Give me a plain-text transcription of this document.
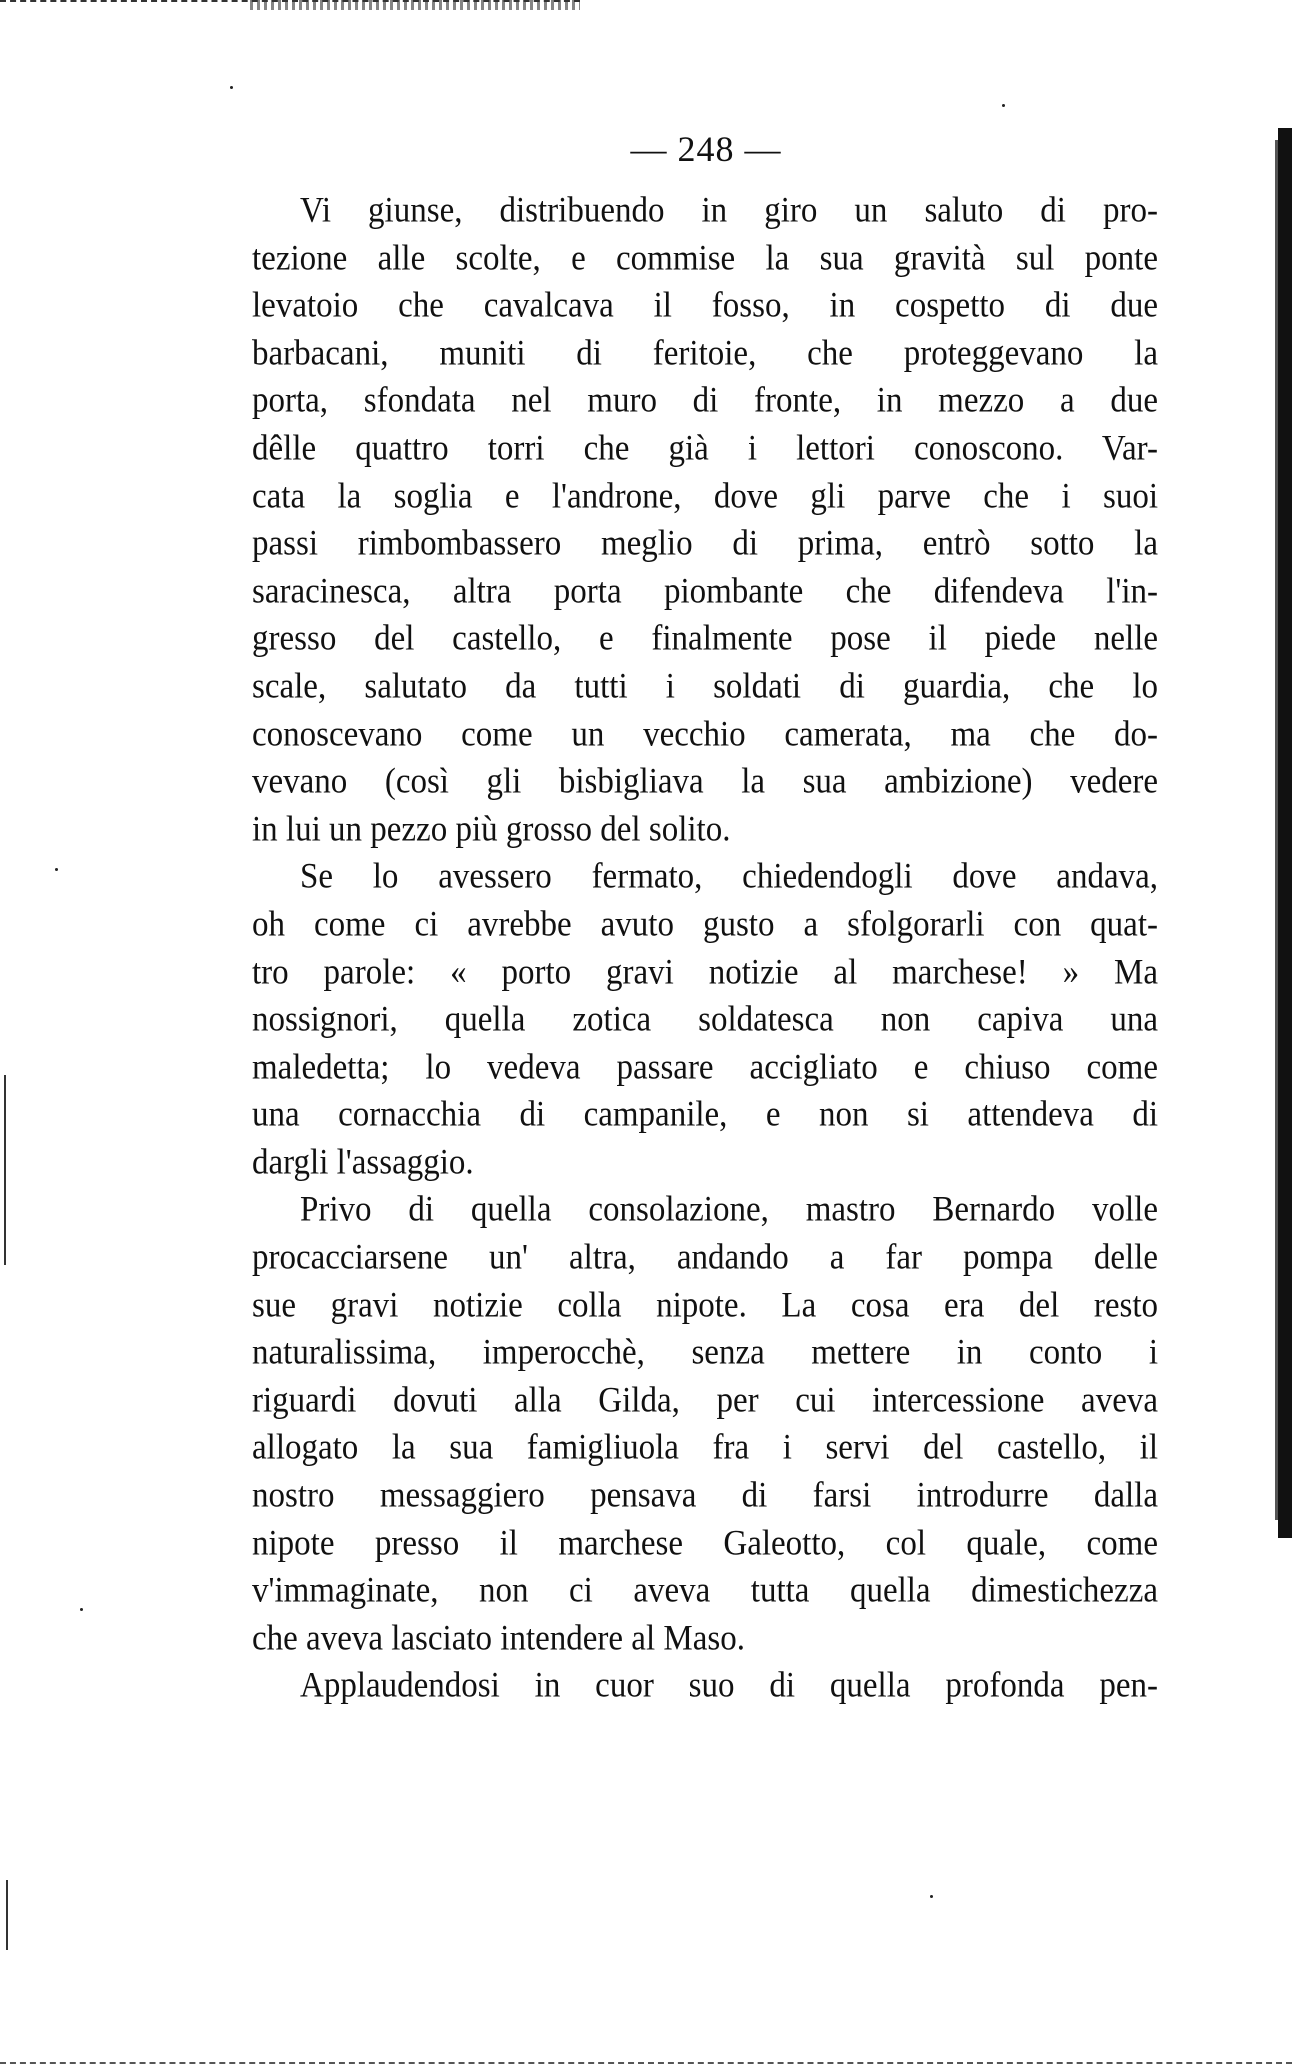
— 248 —
Vi giunse, distribuendo in giro un saluto di pro-
tezione alle scolte, e commise la sua gravità sul ponte
levatoio che cavalcava il fosso, in cospetto di due
barbacani, muniti di feritoie, che proteggevano la
porta, sfondata nel muro di fronte, in mezzo a due
dêlle quattro torri che già i lettori conoscono. Var-
cata la soglia e l'androne, dove gli parve che i suoi
passi rimbombassero meglio di prima, entrò sotto la
saracinesca, altra porta piombante che difendeva l'in-
gresso del castello, e finalmente pose il piede nelle
scale, salutato da tutti i soldati di guardia, che lo
conoscevano come un vecchio camerata, ma che do-
vevano (così gli bisbigliava la sua ambizione) vedere
in lui un pezzo più grosso del solito.
Se lo avessero fermato, chiedendogli dove andava,
oh come ci avrebbe avuto gusto a sfolgorarli con quat-
tro parole: « porto gravi notizie al marchese! » Ma
nossignori, quella zotica soldatesca non capiva una
maledetta; lo vedeva passare accigliato e chiuso come
una cornacchia di campanile, e non si attendeva di
dargli l'assaggio.
Privo di quella consolazione, mastro Bernardo volle
procacciarsene un' altra, andando a far pompa delle
sue gravi notizie colla nipote. La cosa era del resto
naturalissima, imperocchè, senza mettere in conto i
riguardi dovuti alla Gilda, per cui intercessione aveva
allogato la sua famigliuola fra i servi del castello, il
nostro messaggiero pensava di farsi introdurre dalla
nipote presso il marchese Galeotto, col quale, come
v'immaginate, non ci aveva tutta quella dimestichezza
che aveva lasciato intendere al Maso.
Applaudendosi in cuor suo di quella profonda pen-
